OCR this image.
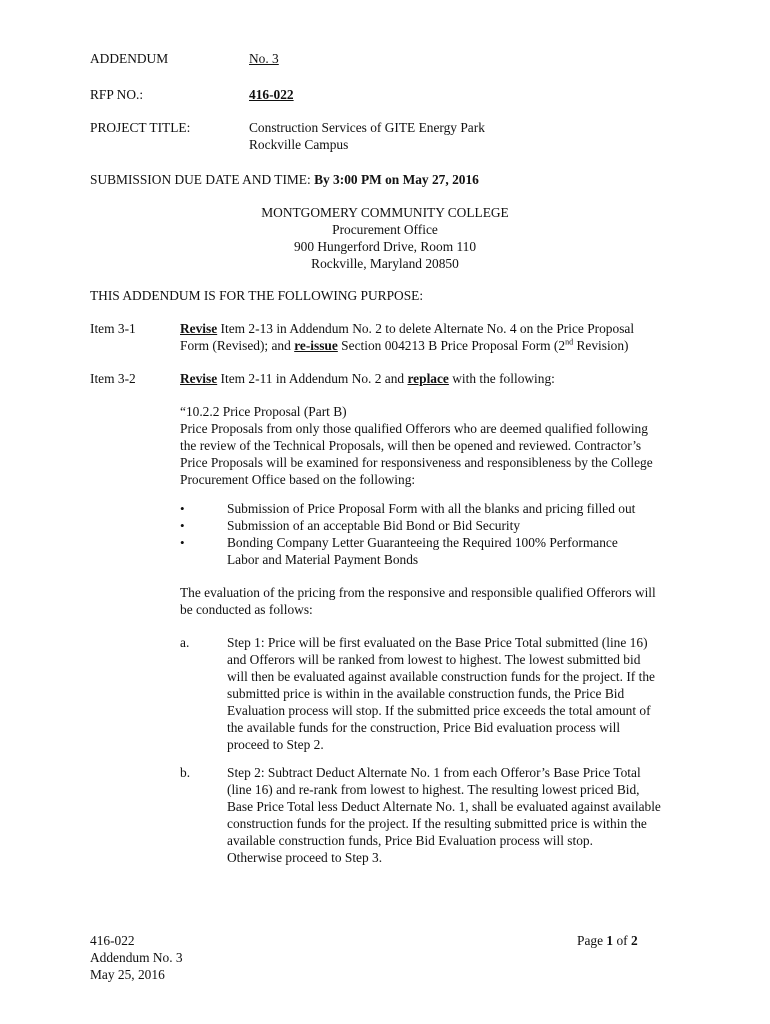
ADDENDUM	No. 3
RFP NO.:	416-022
PROJECT TITLE:	Construction Services of GITE Energy Park
Rockville Campus
SUBMISSION DUE DATE AND TIME: By 3:00 PM on May 27, 2016
MONTGOMERY COMMUNITY COLLEGE
Procurement Office
900 Hungerford Drive, Room 110
Rockville, Maryland 20850
THIS ADDENDUM IS FOR THE FOLLOWING PURPOSE:
Item 3-1	Revise Item 2-13 in Addendum No. 2 to delete Alternate No. 4 on the Price Proposal
Form (Revised); and re-issue Section 004213 B Price Proposal Form (2nd Revision)
Item 3-2	Revise Item 2-11 in Addendum No. 2 and replace with the following:
“10.2.2 Price Proposal (Part B)
Price Proposals from only those qualified Offerors who are deemed qualified following
the review of the Technical Proposals, will then be opened and reviewed. Contractor’s
Price Proposals will be examined for responsiveness and responsibleness by the College
Procurement Office based on the following:
•	Submission of Price Proposal Form with all the blanks and pricing filled out
•	Submission of an acceptable Bid Bond or Bid Security
•	Bonding Company Letter Guaranteeing the Required 100% Performance
Labor and Material Payment Bonds
The evaluation of the pricing from the responsive and responsible qualified Offerors will
be conducted as follows:
a.	Step 1: Price will be first evaluated on the Base Price Total submitted (line 16)
and Offerors will be ranked from lowest to highest. The lowest submitted bid
will then be evaluated against available construction funds for the project. If the
submitted price is within in the available construction funds, the Price Bid
Evaluation process will stop. If the submitted price exceeds the total amount of
the available funds for the construction, Price Bid evaluation process will
proceed to Step 2.
b.	Step 2: Subtract Deduct Alternate No. 1 from each Offeror’s Base Price Total
(line 16) and re-rank from lowest to highest. The resulting lowest priced Bid,
Base Price Total less Deduct Alternate No. 1, shall be evaluated against available
construction funds for the project. If the resulting submitted price is within the
available construction funds, Price Bid Evaluation process will stop.
Otherwise proceed to Step 3.
416-022
Addendum No. 3
May 25, 2016
Page 1 of 2
